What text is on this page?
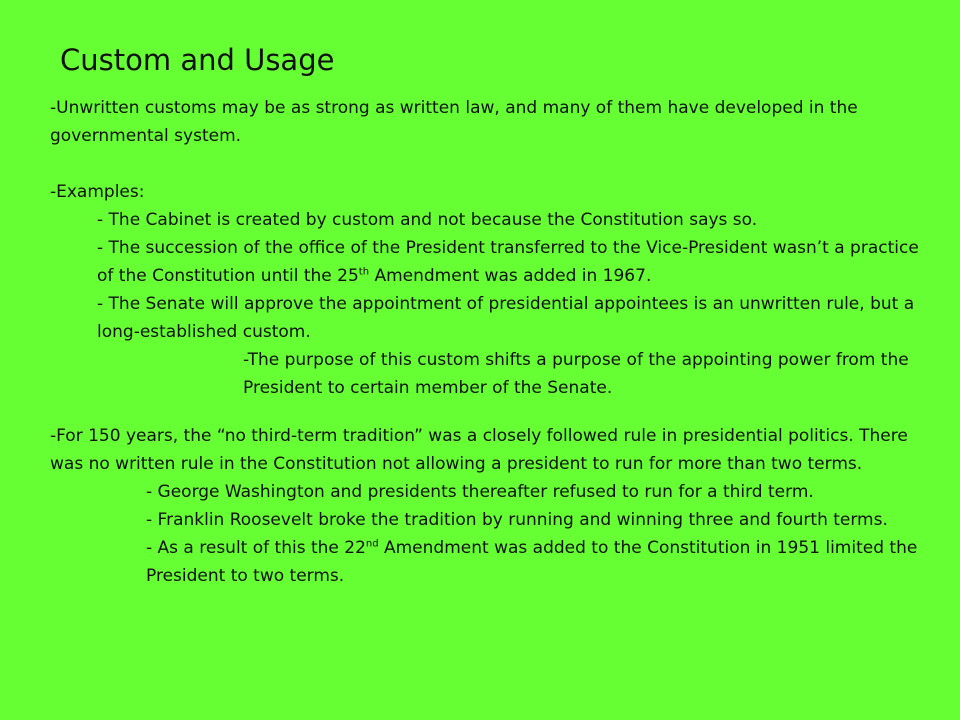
Custom and Usage

-Unwritten customs may be as strong as written law, and many of them have developed in the governmental system.

-Examples:

- The Cabinet is created by custom and not because the Constitution says so.

- The succession of the office of the President transferred to the Vice-President wasn’t a practice of the Constitution until the 25th Amendment was added in 1967.

- The Senate will approve the appointment of presidential appointees is an unwritten rule, but a long-established custom.

-The purpose of this custom shifts a purpose of the appointing power from the President to certain member of the Senate.

-For 150 years, the “no third-term tradition” was a closely followed rule in presidential politics. There was no written rule in the Constitution not allowing a president to run for more than two terms.

- George Washington and presidents thereafter refused to run for a third term.

- Franklin Roosevelt broke the tradition by running and winning three and fourth terms.

- As a result of this the 22nd Amendment was added to the Constitution in 1951 limited the President to two terms.
